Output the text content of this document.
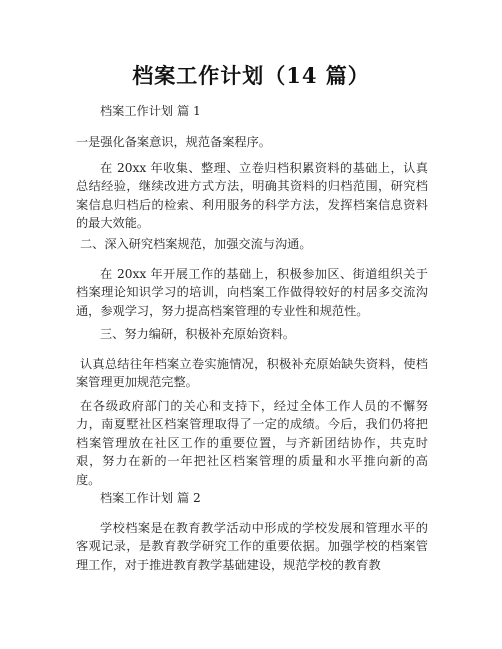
档案工作计划（14 篇）
档案工作计划 篇 1
一是强化备案意识，规范备案程序。
在 20xx 年收集、整理、立卷归档积累资料的基础上，认真总结经验，继续改进方式方法，明确其资料的归档范围，研究档案信息归档后的检索、利用服务的科学方法，发挥档案信息资料的最大效能。
二、深入研究档案规范，加强交流与沟通。
在 20xx 年开展工作的基础上，积极参加区、街道组织关于档案理论知识学习的培训，向档案工作做得较好的村居多交流沟通，参观学习，努力提高档案管理的专业性和规范性。
三、努力编研，积极补充原始资料。
认真总结往年档案立卷实施情况，积极补充原始缺失资料，使档案管理更加规范完整。
在各级政府部门的关心和支持下，经过全体工作人员的不懈努力，南夏墅社区档案管理取得了一定的成绩。今后，我们仍将把档案管理放在社区工作的重要位置，与齐新团结协作，共克时艰，努力在新的一年把社区档案管理的质量和水平推向新的高度。
档案工作计划 篇 2
学校档案是在教育教学活动中形成的学校发展和管理水平的客观记录，是教育教学研究工作的重要依据。加强学校的档案管理工作，对于推进教育教学基础建设，规范学校的教育教
